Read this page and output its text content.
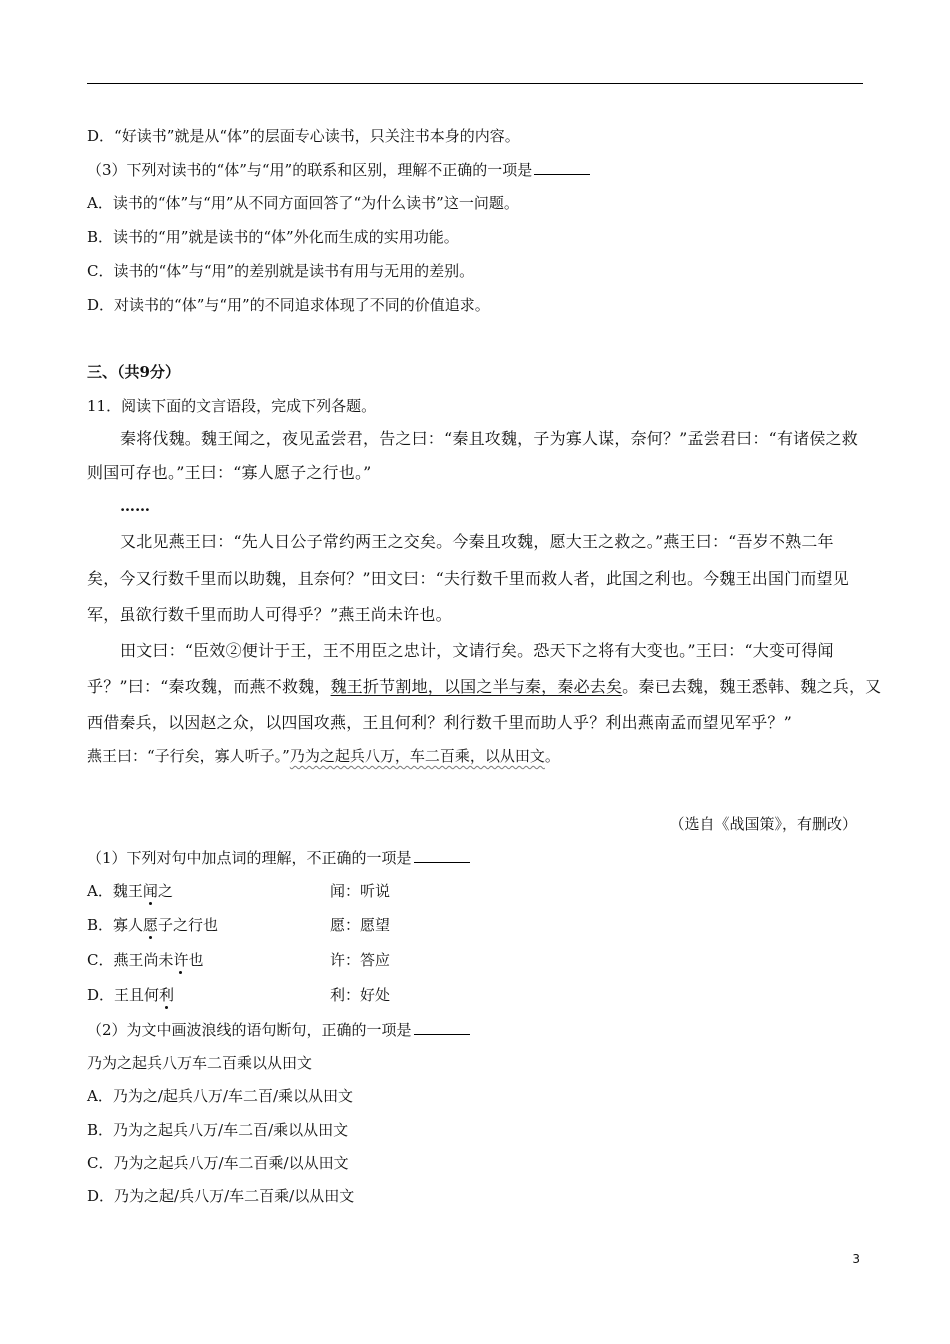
D．“好读书”就是从“体”的层面专心读书，只关注书本身的内容。
（3）下列对读书的“体”与“用”的联系和区别，理解不正确的一项是
A．读书的“体”与“用”从不同方面回答了“为什么读书”这一问题。
B．读书的“用”就是读书的“体”外化而生成的实用功能。
C．读书的“体”与“用”的差别就是读书有用与无用的差别。
D．对读书的“体”与“用”的不同追求体现了不同的价值追求。
三、（共9分）
11．阅读下面的文言语段，完成下列各题。
秦将伐魏。魏王闻之，夜见孟尝君，告之曰：“秦且攻魏，子为寡人谋，奈何？”孟尝君曰：“有诸侯之救
则国可存也。”王曰：“寡人愿子之行也。”
……
又北见燕王曰：“先人日公子常约两王之交矣。今秦且攻魏，愿大王之救之。”燕王曰：“吾岁不熟二年
矣，今又行数千里而以助魏，且奈何？”田文曰：“夫行数千里而救人者，此国之利也。今魏王出国门而望见
军，虽欲行数千里而助人可得乎？”燕王尚未许也。
田文曰：“臣效②便计于王，王不用臣之忠计，文请行矣。恐天下之将有大变也。”王曰：“大变可得闻
乎？”曰：“秦攻魏，而燕不救魏，魏王折节割地，以国之半与秦，秦必去矣。秦已去魏，魏王悉韩、魏之兵，又
西借秦兵，以因赵之众，以四国攻燕，王且何利？利行数千里而助人乎？利出燕南孟而望见军乎？”
燕王曰：“子行矣，寡人听子。”乃为之起兵八万，车二百乘，以从田文。
（选自《战国策》，有删改）
（1）下列对句中加点词的理解，不正确的一项是
A．魏王闻之	闻：听说
B．寡人愿子之行也	愿：愿望
C．燕王尚未许也	许：答应
D．王且何利	利：好处
（2）为文中画波浪线的语句断句，正确的一项是
乃为之起兵八万车二百乘以从田文
A．乃为之/起兵八万/车二百/乘以从田文
B．乃为之起兵八万/车二百/乘以从田文
C．乃为之起兵八万/车二百乘/以从田文
D．乃为之起/兵八万/车二百乘/以从田文
3
